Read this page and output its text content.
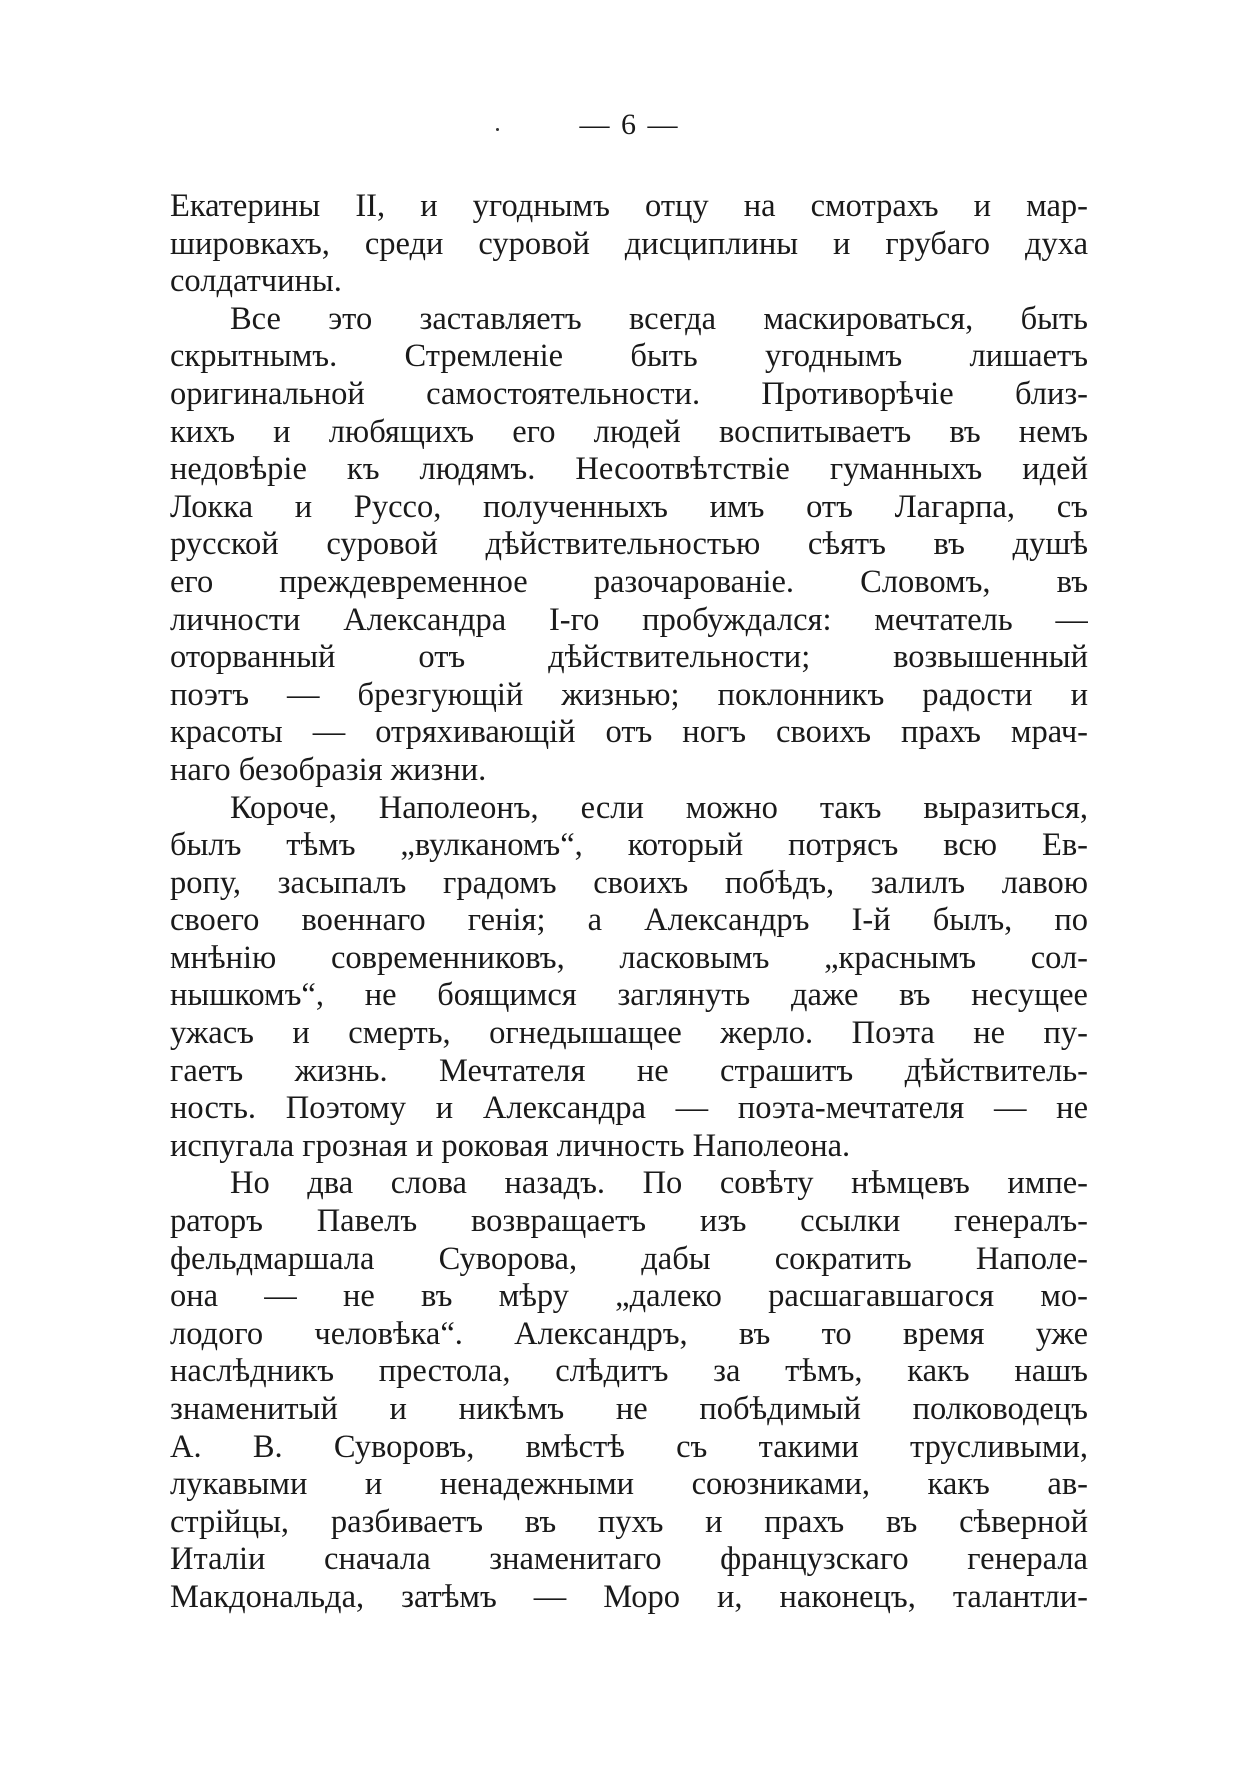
— 6 —
Екатерины II, и угоднымъ отцу на смотрахъ и мар-
шировкахъ, среди суровой дисциплины и грубаго духа
солдатчины.
Все это заставляетъ всегда маскироваться, быть
скрытнымъ. Стремленіе быть угоднымъ лишаетъ
оригинальной самостоятельности. Противорѣчіе близ-
кихъ и любящихъ его людей воспитываетъ въ немъ
недовѣріе къ людямъ. Несоотвѣтствіе гуманныхъ идей
Локка и Руссо, полученныхъ имъ отъ Лагарпа, съ
русской суровой дѣйствительностью сѣятъ въ душѣ
его преждевременное разочарованіе. Словомъ, въ
личности Александра І-го пробуждался: мечтатель —
оторванный отъ дѣйствительности; возвышенный
поэтъ — брезгующій жизнью; поклонникъ радости и
красоты — отряхивающій отъ ногъ своихъ прахъ мрач-
наго безобразія жизни.
Короче, Наполеонъ, если можно такъ выразиться,
былъ тѣмъ „вулканомъ“, который потрясъ всю Ев-
ропу, засыпалъ градомъ своихъ побѣдъ, залилъ лавою
своего военнаго генія; а Александръ І-й былъ, по
мнѣнію современниковъ, ласковымъ „краснымъ сол-
нышкомъ“, не боящимся заглянуть даже въ несущее
ужасъ и смерть, огнедышащее жерло. Поэта не пу-
гаетъ жизнь. Мечтателя не страшитъ дѣйствитель-
ность. Поэтому и Александра — поэта-мечтателя — не
испугала грозная и роковая личность Наполеона.
Но два слова назадъ. По совѣту нѣмцевъ импе-
раторъ Павелъ возвращаетъ изъ ссылки генералъ-
фельдмаршала Суворова, дабы сократить Наполе-
она — не въ мѣру „далеко расшагавшагося мо-
лодого человѣка“. Александръ, въ то время уже
наслѣдникъ престола, слѣдитъ за тѣмъ, какъ нашъ
знаменитый и никѣмъ не побѣдимый полководецъ
А. В. Суворовъ, вмѣстѣ съ такими трусливыми,
лукавыми и ненадежными союзниками, какъ ав-
стрійцы, разбиваетъ въ пухъ и прахъ въ сѣверной
Италіи сначала знаменитаго французскаго генерала
Макдональда, затѣмъ — Моро и, наконецъ, талантли-
